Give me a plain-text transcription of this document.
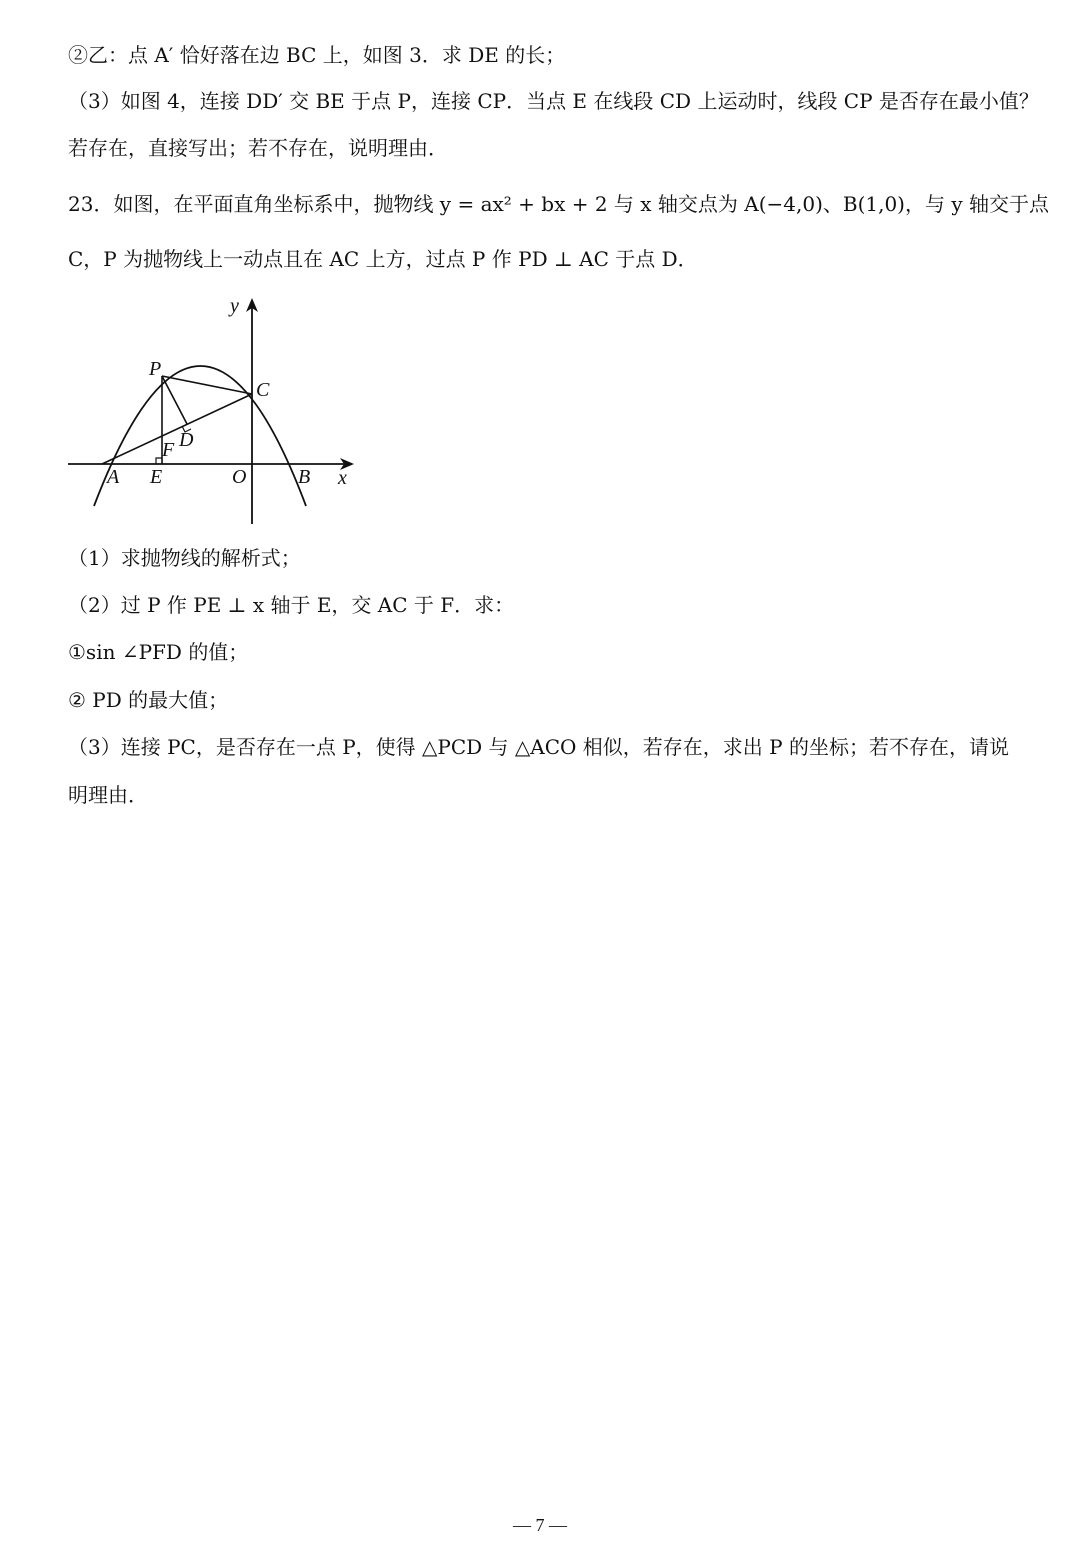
②乙：点 A′ 恰好落在边 BC 上，如图 3．求 DE 的长；
（3）如图 4，连接 DD′ 交 BE 于点 P，连接 CP．当点 E 在线段 CD 上运动时，线段 CP 是否存在最小值？
若存在，直接写出；若不存在，说明理由．
23．如图，在平面直角坐标系中，抛物线 y = ax² + bx + 2 与 x 轴交点为 A(−4,0)、B(1,0)，与 y 轴交于点
C，P 为抛物线上一动点且在 AC 上方，过点 P 作 PD ⊥ AC 于点 D．
y
x
P
C
D
F
A E	O	B
（1）求抛物线的解析式；
（2）过 P 作 PE ⊥ x 轴于 E，交 AC 于 F．求：
①sin ∠PFD 的值；
② PD 的最大值；
（3）连接 PC，是否存在一点 P，使得 △PCD 与 △ACO 相似，若存在，求出 P 的坐标；若不存在，请说
明理由．
— 7 —
